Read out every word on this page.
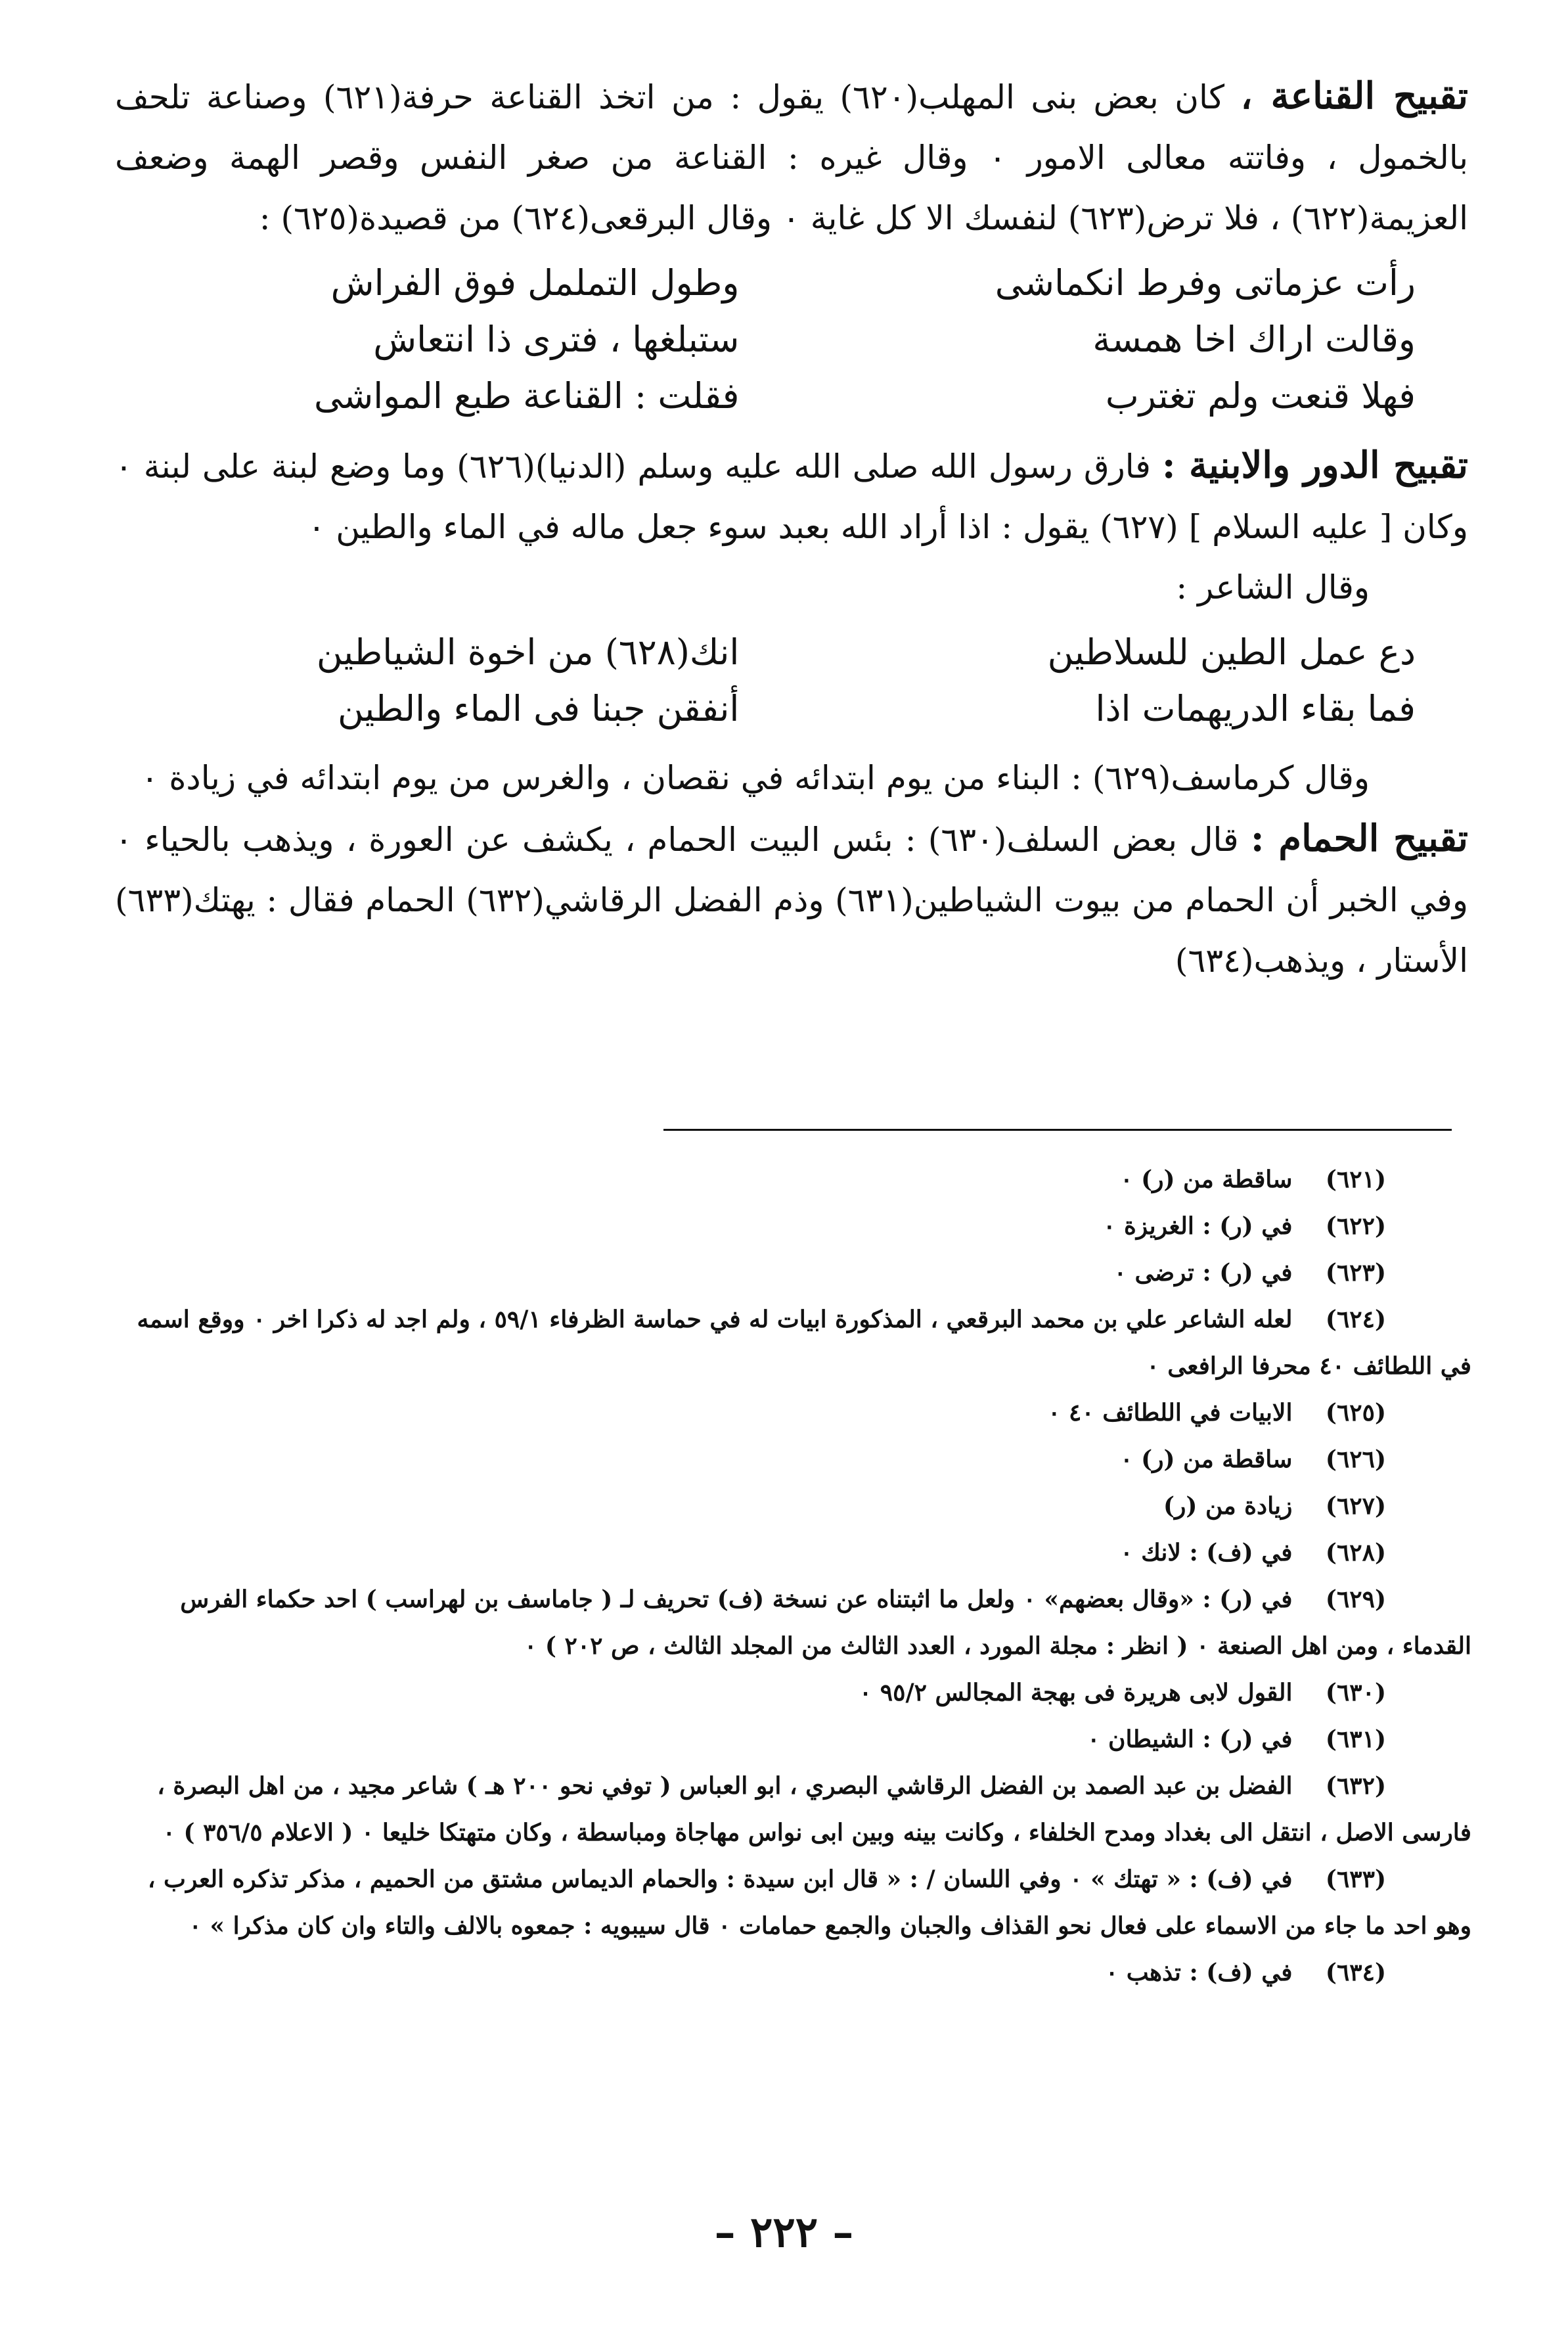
تقبيح القناعة ، كان بعض بنى المهلب(٦٢٠) يقول : من اتخذ القناعة حرفة(٦٢١) وصناعة تلحف بالخمول ، وفاتته معالى الامور ٠ وقال غيره : القناعة من صغر النفس وقصر الهمة وضعف العزيمة(٦٢٢) ، فلا ترض(٦٢٣) لنفسك الا كل غاية ٠ وقال البرقعى(٦٢٤) من قصيدة(٦٢٥) :

رأت عزماتى وفرط انكماشى
وطول التململ فوق الفراش
وقالت اراك اخا همسة
ستبلغها ، فترى ذا انتعاش
فهلا قنعت ولم تغترب
فقلت : القناعة طبع المواشى

تقبيح الدور والابنية : فارق رسول الله صلى الله عليه وسلم (الدنيا)(٦٢٦) وما وضع لبنة على لبنة ٠ وكان [ عليه السلام ] (٦٢٧) يقول : اذا أراد الله بعبد سوء جعل ماله في الماء والطين ٠

وقال الشاعر :

دع عمل الطين للسلاطين
انك(٦٢٨) من اخوة الشياطين
فما بقاء الدريهمات اذا
أنفقن جبنا فى الماء والطين

وقال كرماسف(٦٢٩) : البناء من يوم ابتدائه في نقصان ، والغرس من يوم ابتدائه في زيادة ٠

تقبيح الحمام : قال بعض السلف(٦٣٠) : بئس البيت الحمام ، يكشف عن العورة ، ويذهب بالحياء ٠ وفي الخبر أن الحمام من بيوت الشياطين(٦٣١) وذم الفضل الرقاشي(٦٣٢) الحمام فقال : يهتك(٦٣٣) الأستار ، ويذهب(٦٣٤)

(٦٢١) ساقطة من (ر) ٠

(٦٢٢) في (ر) : الغريزة ٠

(٦٢٣) في (ر) : ترضى ٠

(٦٢٤) لعله الشاعر علي بن محمد البرقعي ، المذكورة ابيات له في حماسة الظرفاء ٥٩/١ ، ولم اجد له ذكرا اخر ٠ ووقع اسمه في اللطائف ٤٠ محرفا الرافعى ٠

(٦٢٥) الابيات في اللطائف ٤٠ ٠

(٦٢٦) ساقطة من (ر) ٠

(٦٢٧) زيادة من (ر)

(٦٢٨) في (ف) : لانك ٠

(٦٢٩) في (ر) : «وقال بعضهم» ٠ ولعل ما اثبتناه عن نسخة (ف) تحريف لـ ( جاماسف بن لهراسب ) احد حكماء الفرس القدماء ، ومن اهل الصنعة ٠ ( انظر : مجلة المورد ، العدد الثالث من المجلد الثالث ، ص ٢٠٢ ) ٠

(٦٣٠) القول لابى هريرة فى بهجة المجالس ٩٥/٢ ٠

(٦٣١) في (ر) : الشيطان ٠

(٦٣٢) الفضل بن عبد الصمد بن الفضل الرقاشي البصري ، ابو العباس ( توفي نحو ٢٠٠ هـ ) شاعر مجيد ، من اهل البصرة ، فارسى الاصل ، انتقل الى بغداد ومدح الخلفاء ، وكانت بينه وبين ابى نواس مهاجاة ومباسطة ، وكان متهتكا خليعا ٠ ( الاعلام ٣٥٦/٥ ) ٠

(٦٣٣) في (ف) : « تهتك » ٠ وفي اللسان / : « قال ابن سيدة : والحمام الديماس مشتق من الحميم ، مذكر تذكره العرب ، وهو احد ما جاء من الاسماء على فعال نحو القذاف والجبان والجمع حمامات ٠ قال سيبويه : جمعوه بالالف والتاء وان كان مذكرا » ٠

(٦٣٤) في (ف) : تذهب ٠

– ٢٢٢ –
